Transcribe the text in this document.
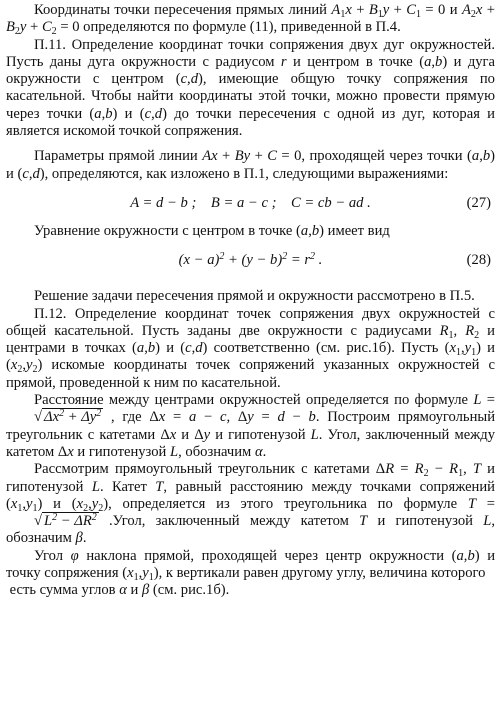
Координаты точки пересечения прямых линий $A_1x + B_1y + C_1 = 0$ и $A_2x + B_2y + C_2 = 0$ определяются по формуле (11), приведенной в П.4.

П.11. Определение координат точки сопряжения двух дуг окружностей. Пусть даны дуга окружности с радиусом r и центром в точке (a,b) и дуга окружности с центром (c,d), имеющие общую точку сопряжения по касательной. Чтобы найти координаты этой точки, можно провести прямую через точки (a,b) и (c,d) до точки пересечения с одной из дуг, которая и является искомой точкой сопряжения.

Параметры прямой линии Ax + By + C = 0, проходящей через точки (a,b) и (c,d), определяются, как изложено в П.1, следующими выражениями:

A = d − b ;    B = a − c ;    C = cb − ad .	(27)

Уравнение окружности с центром в точке (a,b) имеет вид

$(x - a)^2 + (y - b)^2 = r^2$ .	(28)

Решение задачи пересечения прямой и окружности рассмотрено в П.5.

П.12. Определение координат точек сопряжения двух окружностей с общей касательной. Пусть заданы две окружности с радиусами $R_1$, $R_2$ и центрами в точках (a,b) и (c,d) соответственно (см. рис.1б). Пусть $(x_1,y_1)$ и $(x_2,y_2)$ искомые координаты точек сопряжений указанных окружностей с прямой, проведенной к ним по касательной.

Расстояние между центрами окружностей определяется по формуле L = √ $\Delta x^2 + \Delta y^2$ , где Δx = a − c, Δy = d − b. Построим прямоугольный треугольник с катетами Δx и Δy и гипотенузой L. Угол, заключенный между катетом Δx и гипотенузой L, обозначим α.

Рассмотрим прямоугольный треугольник с катетами $\Delta R = R_2 - R_1$, T и гипотенузой L. Катет T, равный расстоянию между точками сопряжений $(x_1,y_1)$ и $(x_2,y_2)$, определяется из этого треугольника по формуле T = √ $L^2 - \Delta R^2$ .Угол, заключенный между катетом T и гипотенузой L, обозначим β.

Угол φ наклона прямой, проходящей через центр окружности (a,b) и точку сопряжения $(x_1,y_1)$, к вертикали равен другому углу, величина которого

есть сумма углов α и β (см. рис.1б).
